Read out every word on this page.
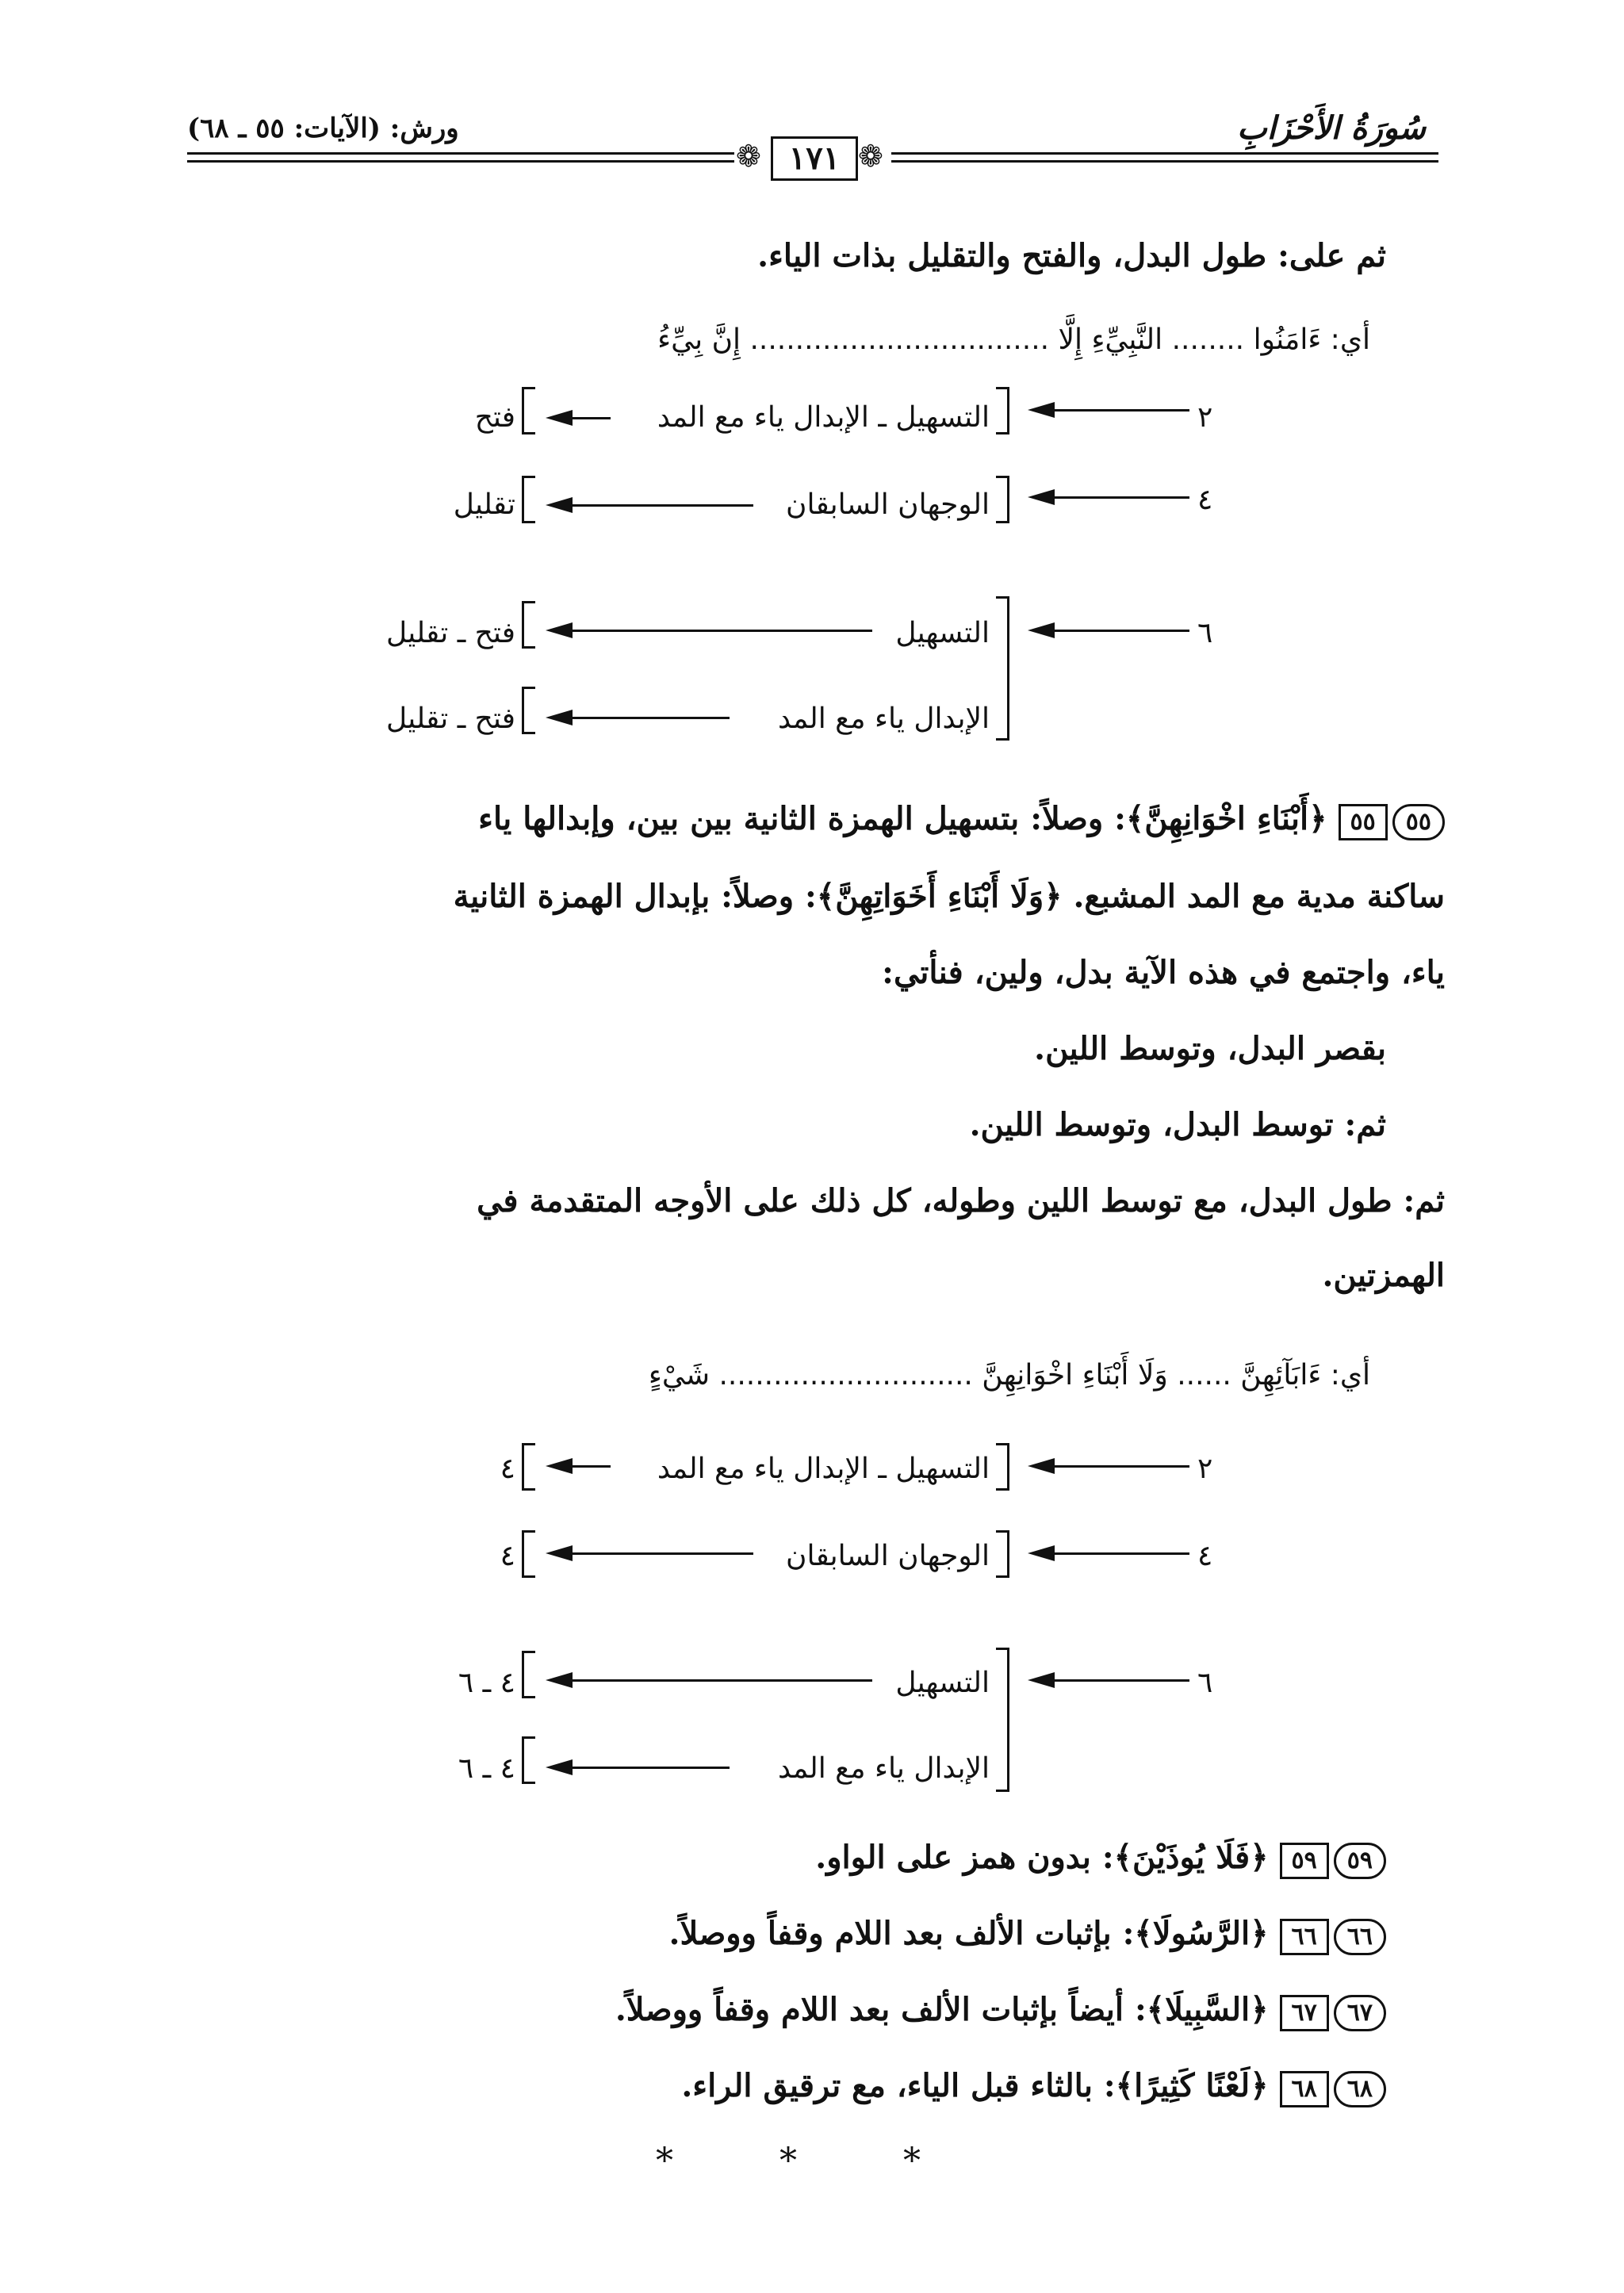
سُورَةُ الأَحْزَابِ
ورش: (الآيات: ٥٥ ـ ٦٨)
❁	❁
١٧١
ثم على: طول البدل، والفتح والتقليل بذات الياء.
أي: ءَامَنُوا ........ النَّبِيِّءِ إِلَّا ................................. إِنَّ بِيِّءُ
٢
التسهيل ـ الإبدال ياء مع المد
فتح
٤
الوجهان السابقان
تقليل
٦
التسهيل
فتح ـ تقليل
الإبدال ياء مع المد
فتح ـ تقليل
٥٥٥٥ ﴿أَبْنَاءِ اخْوَانِهِنَّ﴾: وصلاً: بتسهيل الهمزة الثانية بين بين، وإبدالها ياء
ساكنة مدية مع المد المشبع. ﴿وَلَا أَبْنَاءِ أَخَوَاتِهِنَّ﴾: وصلاً: بإبدال الهمزة الثانية
ياء، واجتمع في هذه الآية بدل، ولين، فنأتي:
بقصر البدل، وتوسط اللين.
ثم: توسط البدل، وتوسط اللين.
ثم: طول البدل، مع توسط اللين وطوله، كل ذلك على الأوجه المتقدمة في
الهمزتين.
أي: ءَابَآئِهِنَّ ...... وَلَا أَبْنَاءِ اخْوَانِهِنَّ ............................ شَيْءٍ
٢
التسهيل ـ الإبدال ياء مع المد
٤
٤
الوجهان السابقان
٤
٦
التسهيل
٤ ـ ٦
الإبدال ياء مع المد
٤ ـ ٦
٥٩٥٩ ﴿فَلَا يُوذَيْنَ﴾: بدون همز على الواو.
٦٦٦٦ ﴿الرَّسُولَا﴾: بإثبات الألف بعد اللام وقفاً ووصلاً.
٦٧٦٧ ﴿السَّبِيلَا﴾: أيضاً بإثبات الألف بعد اللام وقفاً ووصلاً.
٦٨٦٨ ﴿لَعْنًا كَثِيرًا﴾: بالثاء قبل الياء، مع ترقيق الراء.
* * *
